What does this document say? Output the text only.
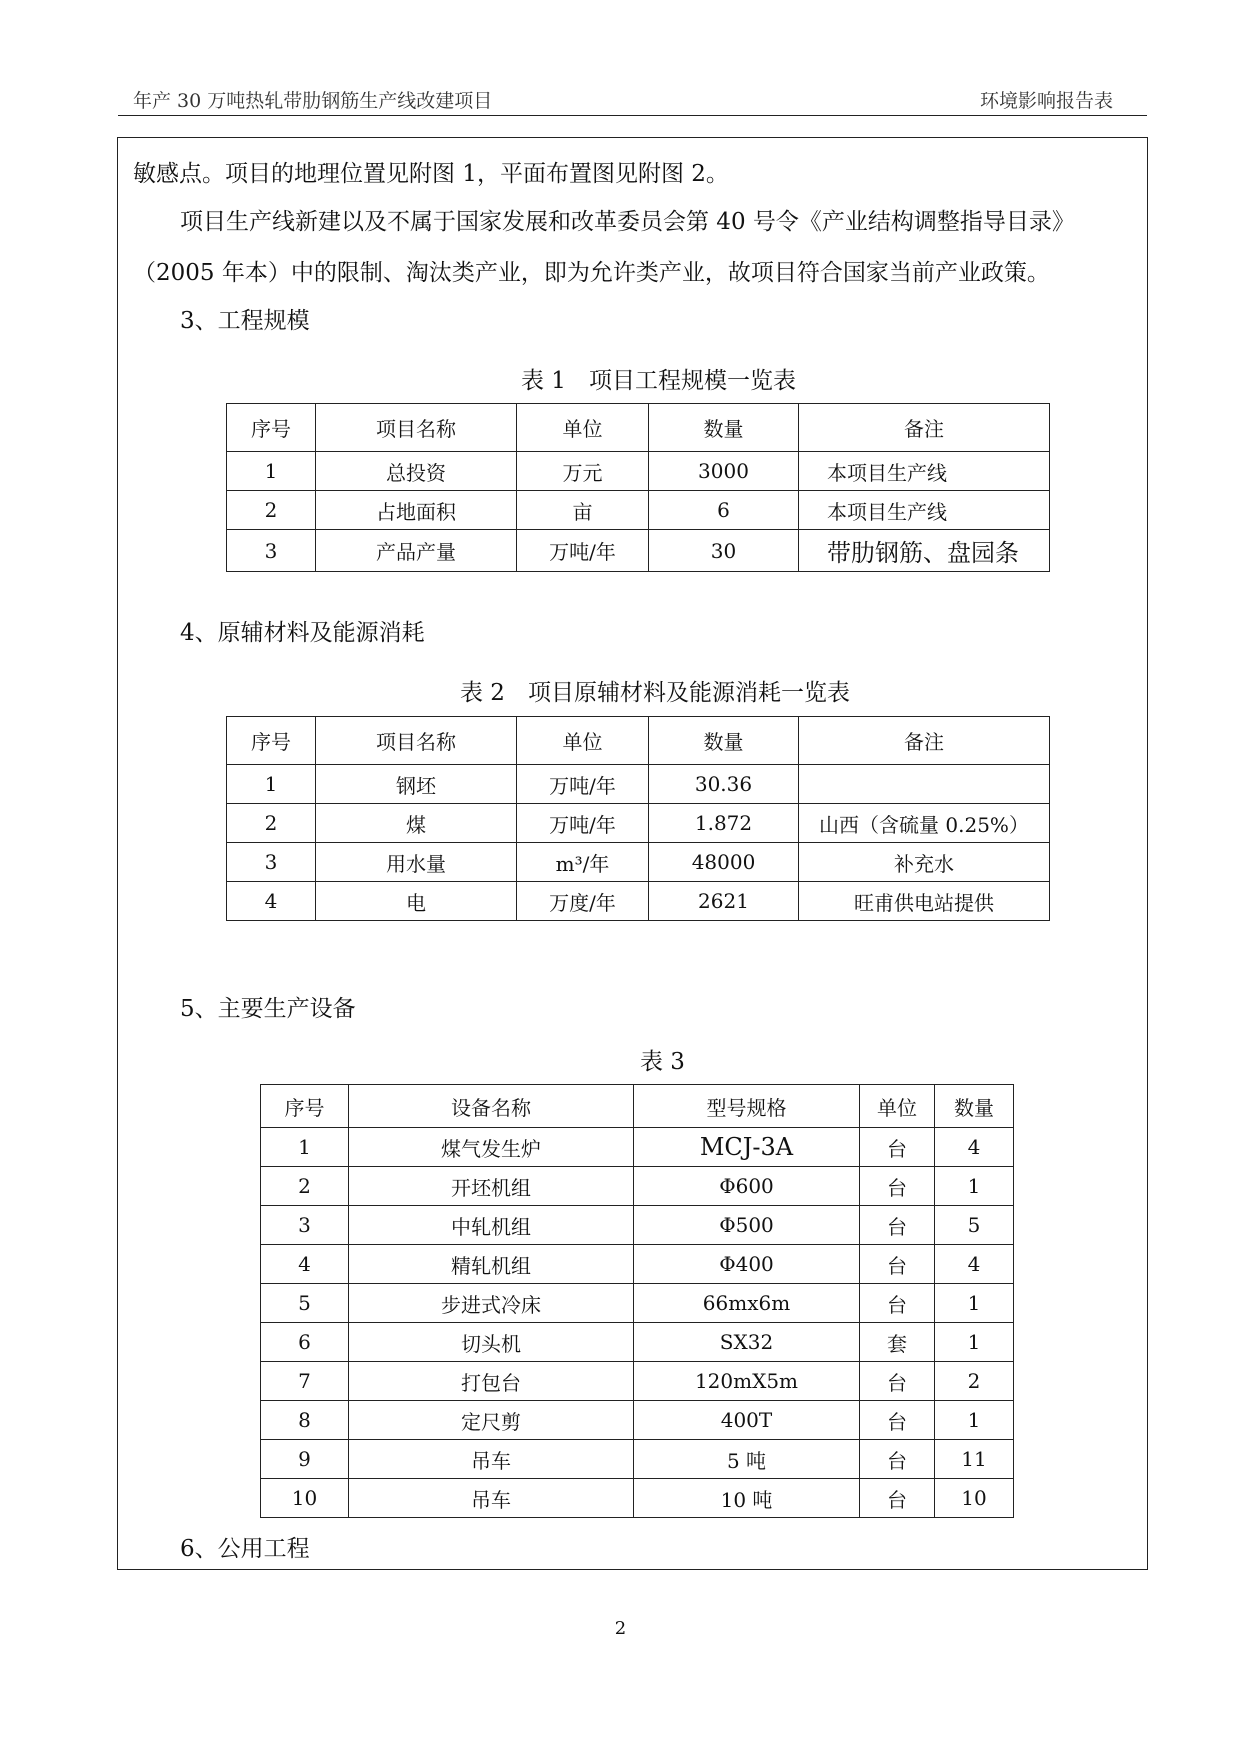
年产 30 万吨热轧带肋钢筋生产线改建项目	环境影响报告表
敏感点。项目的地理位置见附图 1，平面布置图见附图 2。
项目生产线新建以及不属于国家发展和改革委员会第 40 号令《产业结构调整指导目录》
（2005 年本）中的限制、淘汰类产业，即为允许类产业，故项目符合国家当前产业政策。
3、工程规模
表 1　项目工程规模一览表
序号	项目名称	单位	数量	备注
1	总投资	万元	3000	本项目生产线
2	占地面积	亩	6	本项目生产线
3	产品产量	万吨/年	30	带肋钢筋、盘园条
4、原辅材料及能源消耗
表 2　项目原辅材料及能源消耗一览表
序号	项目名称	单位	数量	备注
1	钢坯	万吨/年	30.36	
2	煤	万吨/年	1.872	山西（含硫量 0.25%）
3	用水量	m³/年	48000	补充水
4	电	万度/年	2621	旺甫供电站提供
5、主要生产设备
表 3
序号	设备名称	型号规格	单位	数量
1	煤气发生炉	MCJ-3A	台	4
2	开坯机组	Φ600	台	1
3	中轧机组	Φ500	台	5
4	精轧机组	Φ400	台	4
5	步进式冷床	66mx6m	台	1
6	切头机	SX32	套	1
7	打包台	120mX5m	台	2
8	定尺剪	400T	台	1
9	吊车	5 吨	台	11
10	吊车	10 吨	台	10
6、公用工程
2
